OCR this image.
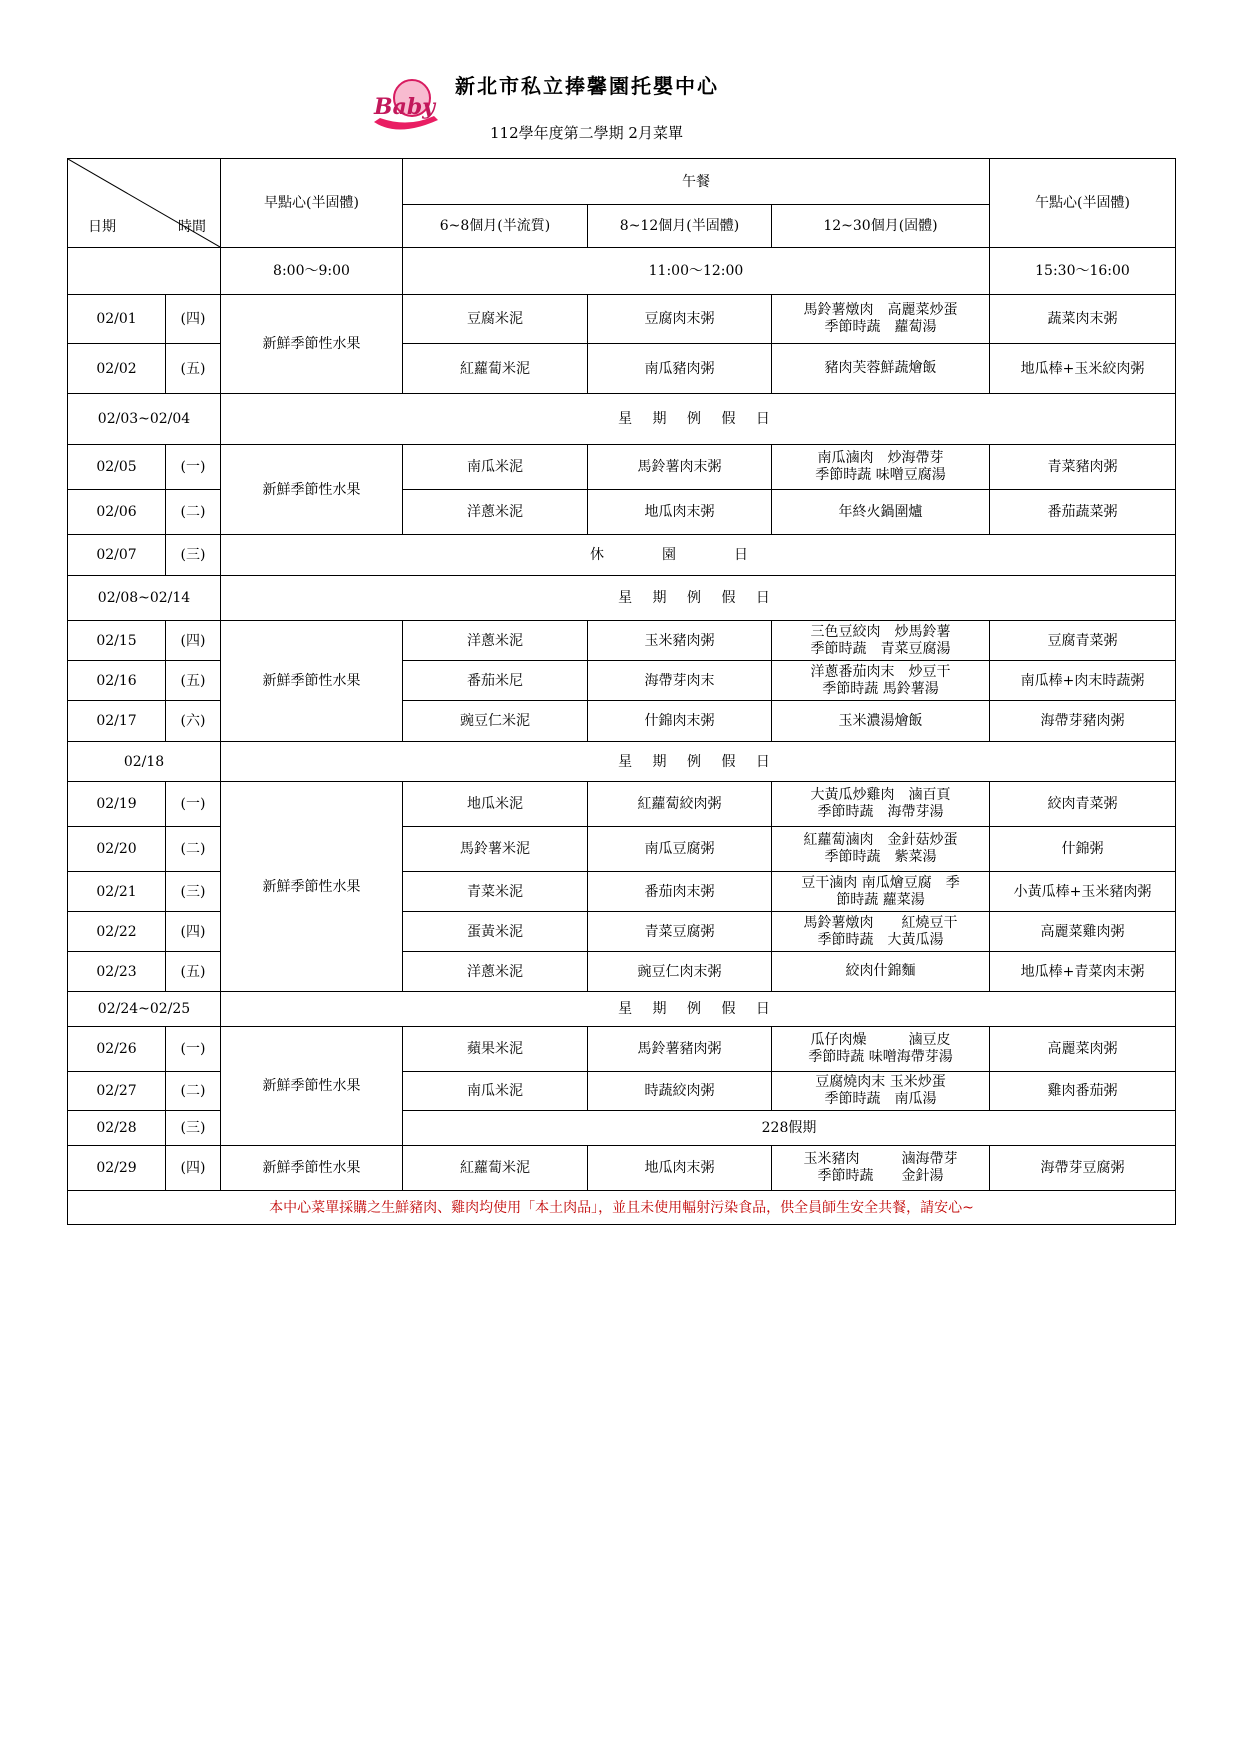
Baby
新北市私立捧馨園托嬰中心
112學年度第二學期 2月菜單
日期 時間		早點心(半固體)	午餐			午點心(半固體)
			6~8個月(半流質)	8~12個月(半固體)	12~30個月(固體)	
		8:00～9:00	11:00～12:00			15:30～16:00
02/01	(四)	新鮮季節性水果	豆腐米泥	豆腐肉末粥	馬鈴薯燉肉　高麗菜炒蛋
季節時蔬　蘿蔔湯	蔬菜肉末粥
02/02	(五)		紅蘿蔔米泥	南瓜豬肉粥	豬肉芙蓉鮮蔬燴飯	地瓜棒+玉米絞肉粥
02/03~02/04		星 期 例 假 日				
02/05	(一)	新鮮季節性水果	南瓜米泥	馬鈴薯肉末粥	南瓜滷肉　炒海帶芽
季節時蔬 味噌豆腐湯	青菜豬肉粥
02/06	(二)		洋蔥米泥	地瓜肉末粥	年終火鍋圍爐	番茄蔬菜粥
02/07	(三)	休園日				
02/08~02/14		星 期 例 假 日				
02/15	(四)	新鮮季節性水果	洋蔥米泥	玉米豬肉粥	三色豆絞肉　炒馬鈴薯
季節時蔬　青菜豆腐湯	豆腐青菜粥
02/16	(五)		番茄米尼	海帶芽肉末	洋蔥番茄肉末　炒豆干
季節時蔬 馬鈴薯湯	南瓜棒+肉末時蔬粥
02/17	(六)		豌豆仁米泥	什錦肉末粥	玉米濃湯燴飯	海帶芽豬肉粥
02/18		星 期 例 假 日				
02/19	(一)	新鮮季節性水果	地瓜米泥	紅蘿蔔絞肉粥	大黃瓜炒雞肉　滷百頁
季節時蔬　海帶芽湯	絞肉青菜粥
02/20	(二)		馬鈴薯米泥	南瓜豆腐粥	紅蘿蔔滷肉　金針菇炒蛋
季節時蔬　紫菜湯	什錦粥
02/21	(三)		青菜米泥	番茄肉末粥	豆干滷肉 南瓜燴豆腐　季
節時蔬 蘿菜湯	小黃瓜棒+玉米豬肉粥
02/22	(四)		蛋黃米泥	青菜豆腐粥	馬鈴薯燉肉　　紅燒豆干
季節時蔬　大黃瓜湯	高麗菜雞肉粥
02/23	(五)		洋蔥米泥	豌豆仁肉末粥	絞肉什錦麵	地瓜棒+青菜肉末粥
02/24~02/25		星 期 例 假 日				
02/26	(一)	新鮮季節性水果	蘋果米泥	馬鈴薯豬肉粥	瓜仔肉燥　　　滷豆皮
季節時蔬 味噌海帶芽湯	高麗菜肉粥
02/27	(二)		南瓜米泥	時蔬絞肉粥	豆腐燒肉末 玉米炒蛋
季節時蔬　南瓜湯	雞肉番茄粥
02/28	(三)		228假期			
02/29	(四)	新鮮季節性水果	紅蘿蔔米泥	地瓜肉末粥	玉米豬肉　　　滷海帶芽
季節時蔬　　金針湯	海帶芽豆腐粥
本中心菜單採購之生鮮豬肉、雞肉均使用「本土肉品」，並且未使用輻射污染食品，供全員師生安全共餐，請安心~						
